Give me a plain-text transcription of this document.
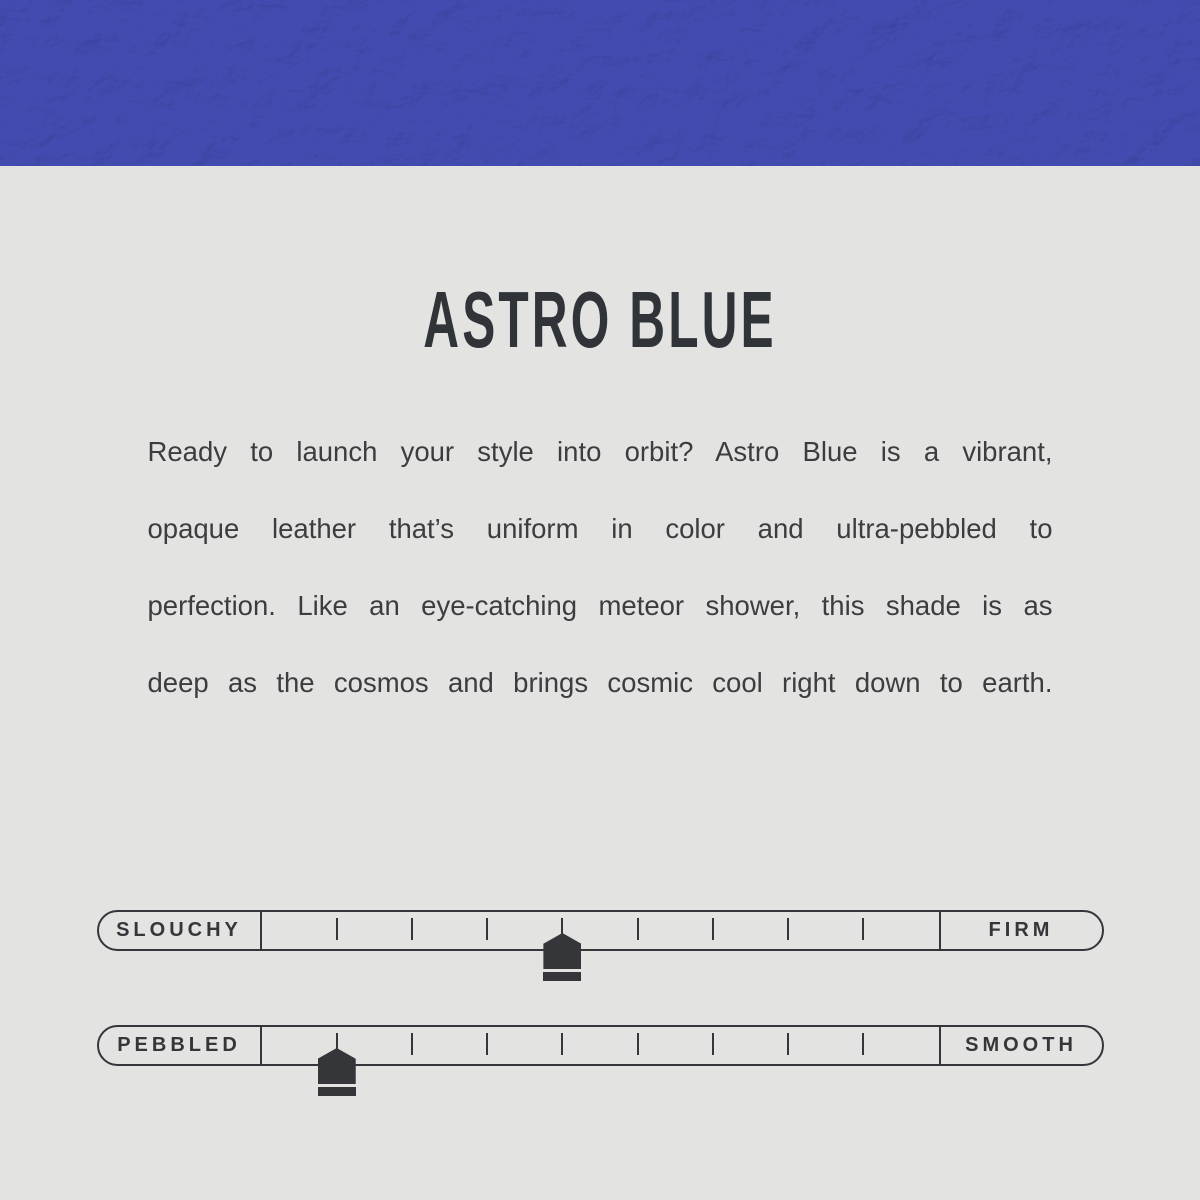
ASTRO BLUE
Ready to launch your style into orbit? Astro Blue is a vibrant,
opaque leather that’s uniform in color and ultra-pebbled to
perfection. Like an eye-catching meteor shower, this shade is as
deep as the cosmos and brings cosmic cool right down to earth.
SLOUCHY	FIRM
PEBBLED	SMOOTH
